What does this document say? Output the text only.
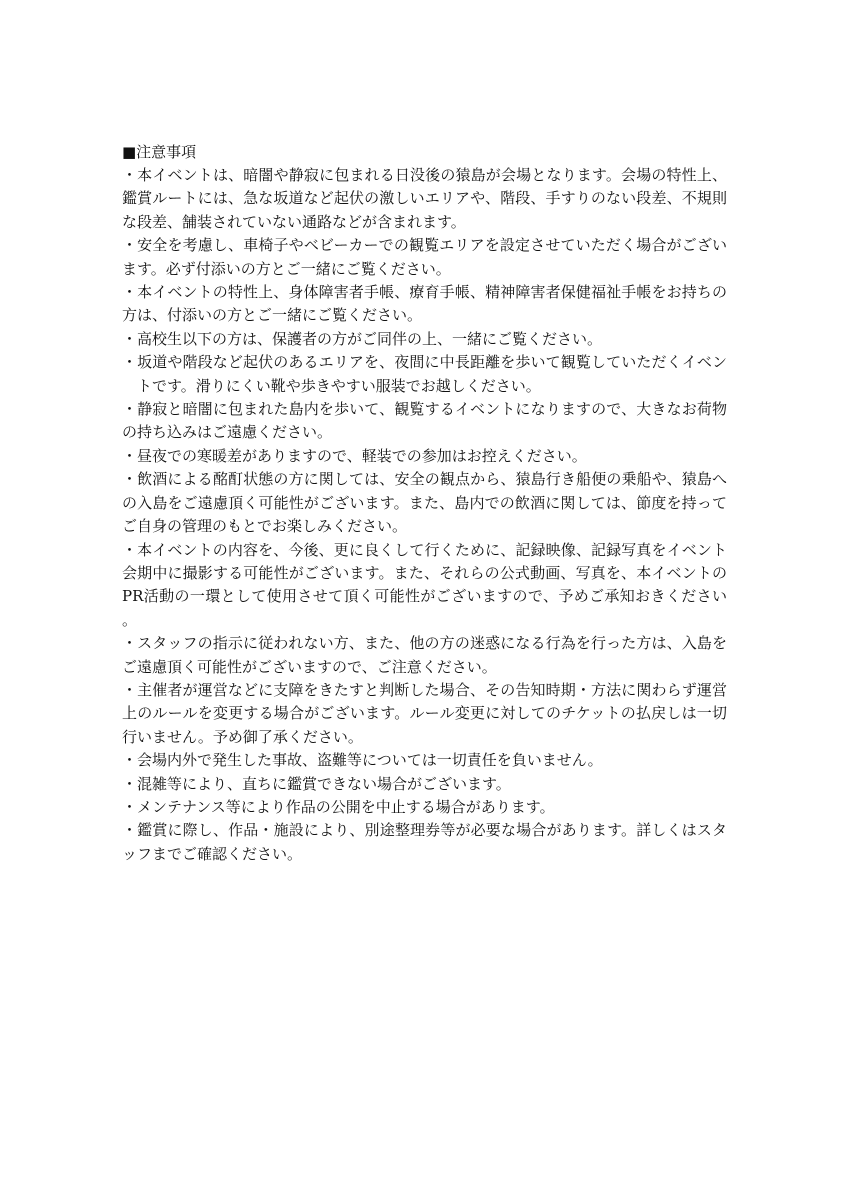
■注意事項
・本イベントは、暗闇や静寂に包まれる日没後の猿島が会場となります。会場の特性上、鑑賞ルートには、急な坂道など起伏の激しいエリアや、階段、手すりのない段差、不規則な段差、舗装されていない通路などが含まれます。
・安全を考慮し、車椅子やベビーカーでの観覧エリアを設定させていただく場合がございます。必ず付添いの方とご一緒にご覧ください。
・本イベントの特性上、身体障害者手帳、療育手帳、精神障害者保健福祉手帳をお持ちの方は、付添いの方とご一緒にご覧ください。
・高校生以下の方は、保護者の方がご同伴の上、一緒にご覧ください。
・坂道や階段など起伏のあるエリアを、夜間に中長距離を歩いて観覧していただくイベントです。滑りにくい靴や歩きやすい服装でお越しください。
・静寂と暗闇に包まれた島内を歩いて、観覧するイベントになりますので、大きなお荷物の持ち込みはご遠慮ください。
・昼夜での寒暖差がありますので、軽装での参加はお控えください。
・飲酒による酩酊状態の方に関しては、安全の観点から、猿島行き船便の乗船や、猿島への入島をご遠慮頂く可能性がございます。また、島内での飲酒に関しては、節度を持ってご自身の管理のもとでお楽しみください。
・本イベントの内容を、今後、更に良くして行くために、記録映像、記録写真をイベント会期中に撮影する可能性がございます。また、それらの公式動画、写真を、本イベントのPR活動の一環として使用させて頂く可能性がございますので、予めご承知おきください。
・スタッフの指示に従われない方、また、他の方の迷惑になる行為を行った方は、入島をご遠慮頂く可能性がございますので、ご注意ください。
・主催者が運営などに支障をきたすと判断した場合、その告知時期・方法に関わらず運営上のルールを変更する場合がございます。ルール変更に対してのチケットの払戻しは一切行いません。予め御了承ください。
・会場内外で発生した事故、盗難等については一切責任を負いません。
・混雑等により、直ちに鑑賞できない場合がございます。
・メンテナンス等により作品の公開を中止する場合があります。
・鑑賞に際し、作品・施設により、別途整理券等が必要な場合があります。詳しくはスタッフまでご確認ください。
